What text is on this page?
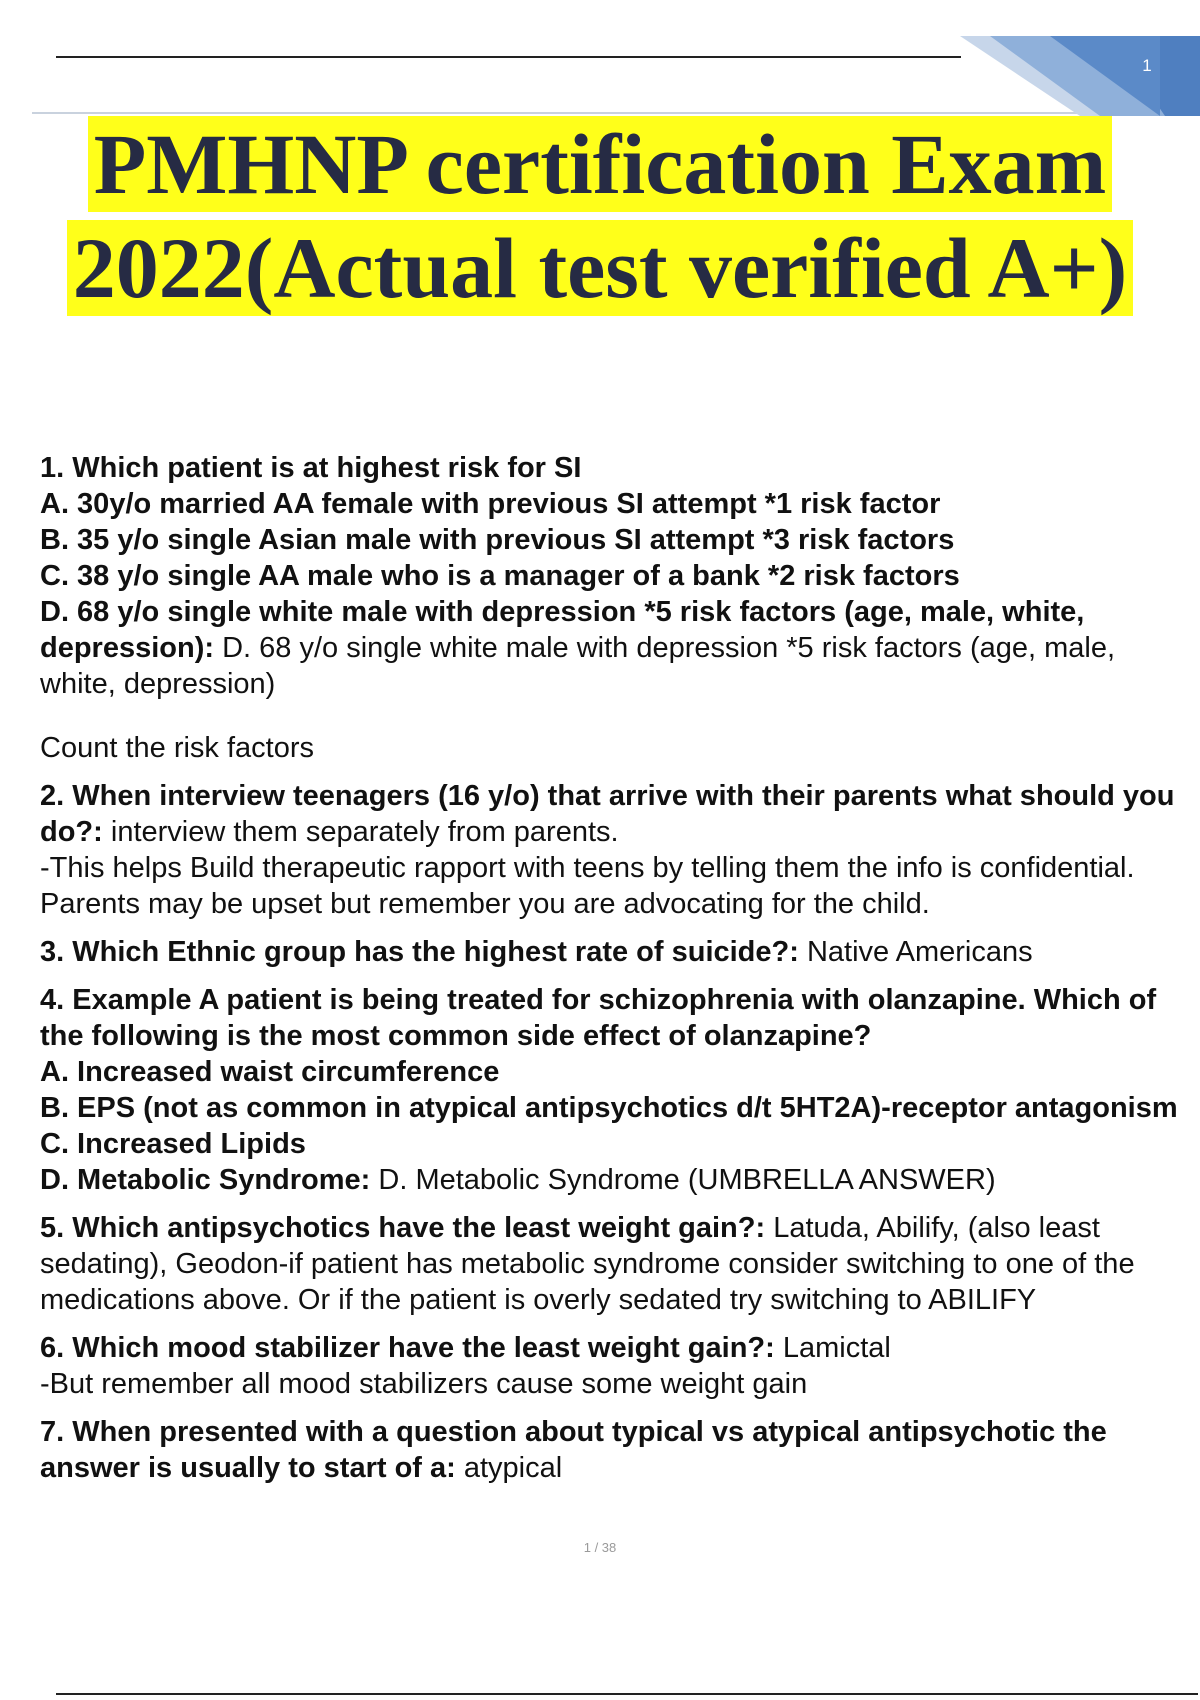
1
PMHNP certification Exam 2022(Actual test verified A+)

1. Which patient is at highest risk for SI

A. 30y/o married AA female with previous SI attempt *1 risk factor

B. 35 y/o single Asian male with previous SI attempt *3 risk factors

C. 38 y/o single AA male who is a manager of a bank *2 risk factors

D. 68 y/o single white male with depression *5 risk factors (age, male, white,

depression): D. 68 y/o single white male with depression *5 risk factors (age, male, white, depression)

Count the risk factors

2. When interview teenagers (16 y/o) that arrive with their parents what should you do?: interview them separately from parents.

-This helps Build therapeutic rapport with teens by telling them the info is confidential. Parents may be upset but remember you are advocating for the child.

3. Which Ethnic group has the highest rate of suicide?: Native Americans

4. Example A patient is being treated for schizophrenia with olanzapine. Which of the following is the most common side effect of olanzapine?

A. Increased waist circumference

B. EPS (not as common in atypical antipsychotics d/t 5HT2A)-receptor antagonism

C. Increased Lipids

D. Metabolic Syndrome: D. Metabolic Syndrome (UMBRELLA ANSWER)

5. Which antipsychotics have the least weight gain?: Latuda, Abilify, (also least sedating), Geodon-if patient has metabolic syndrome consider switching to one of the medications above. Or if the patient is overly sedated try switching to ABILIFY

6. Which mood stabilizer have the least weight gain?: Lamictal

-But remember all mood stabilizers cause some weight gain

7. When presented with a question about typical vs atypical antipsychotic the answer is usually to start of a: atypical

1 / 38
